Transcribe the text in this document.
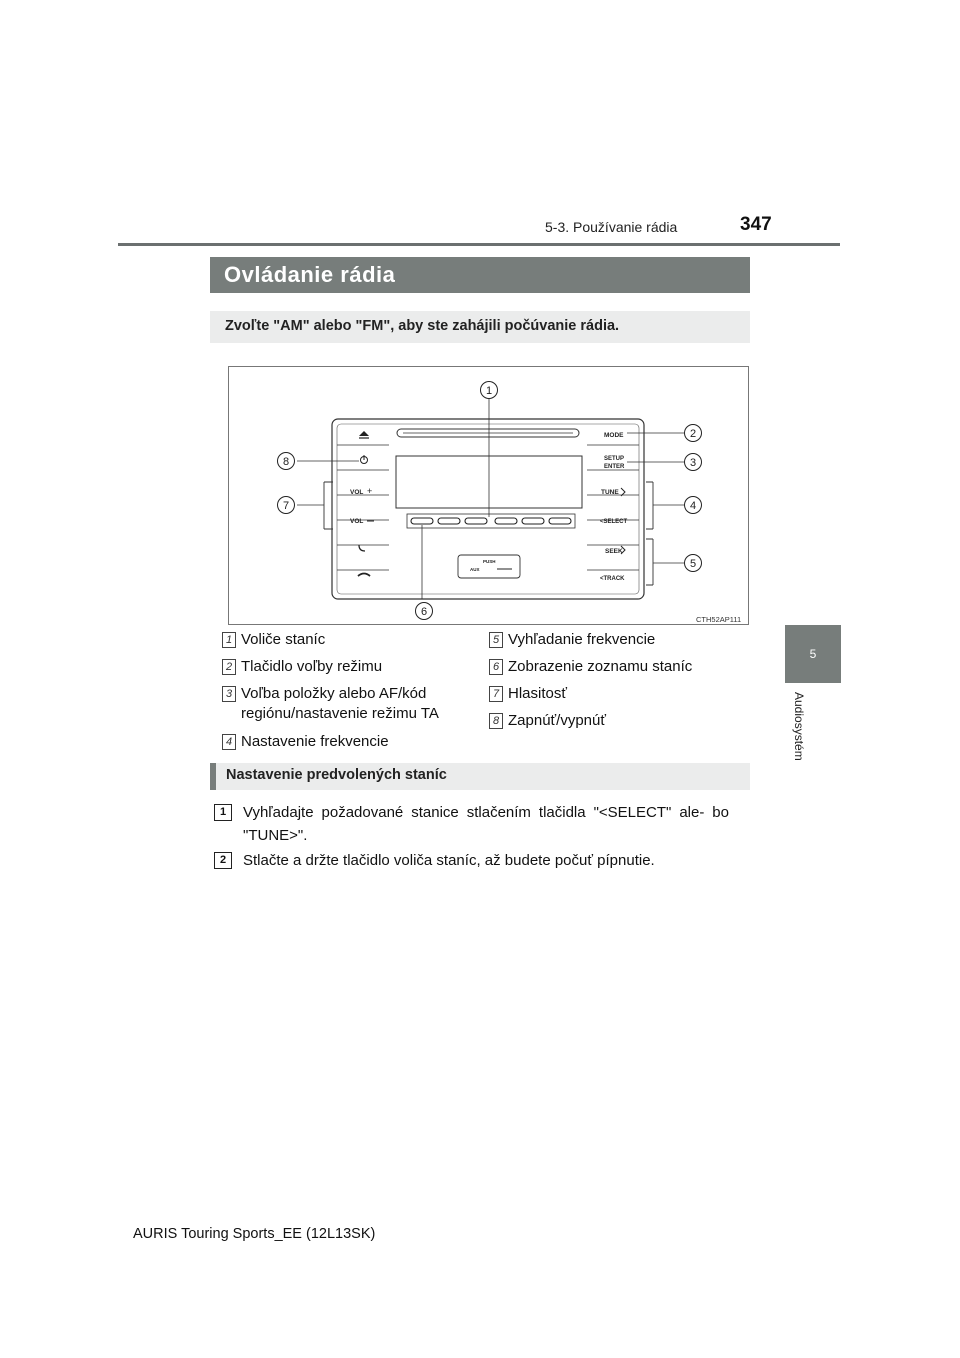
5-3. Používanie rádia	347
5
Audiosystém
Ovládanie rádia
Zvoľte "AM" alebo "FM", aby ste zahájili počúvanie rádia.
VOL +
VOL
MODE
SETUP
ENTER
TUNE
<SELECT
SEEK
<TRACK
PUSH
AUX
1
2
3
4
5
6
7
8
CTH52AP111
1 Voliče staníc
2 Tlačidlo voľby režimu
3 Voľba položky alebo AF/kód regiónu/nastavenie režimu TA
4 Nastavenie frekvencie
5 Vyhľadanie frekvencie
6 Zobrazenie zoznamu staníc
7 Hlasitosť
8 Zapnúť/vypnúť
Nastavenie predvolených staníc
1	Vyhľadajte požadované stanice stlačením tlačidla "<SELECT" ale- bo "TUNE>".
2	Stlačte a držte tlačidlo voliča staníc, až budete počuť pípnutie.
AURIS Touring Sports_EE (12L13SK)
